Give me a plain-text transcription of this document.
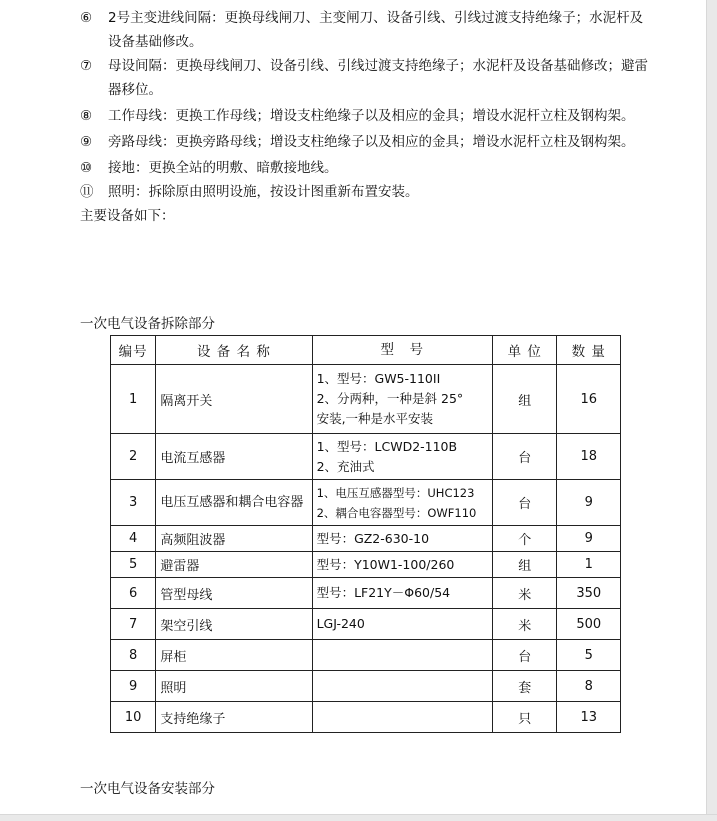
⑥	2号主变进线间隔：更换母线闸刀、主变闸刀、设备引线、引线过渡支持绝缘子；水泥杆及设备基础修改。
⑦	母设间隔：更换母线闸刀、设备引线、引线过渡支持绝缘子；水泥杆及设备基础修改；避雷器移位。
⑧	工作母线：更换工作母线；增设支柱绝缘子以及相应的金具；增设水泥杆立柱及钢构架。
⑨	旁路母线：更换旁路母线；增设支柱绝缘子以及相应的金具；增设水泥杆立柱及钢构架。
⑩	接地：更换全站的明敷、暗敷接地线。
⑪	照明：拆除原由照明设施，按设计图重新布置安装。
主要设备如下：
一次电气设备拆除部分
编号	设 备 名 称	型　号	单 位	数 量
1	隔离开关	1、型号：GW5-110II
2、分两种，一种是斜 25°
安装,一种是水平安装	组	16
2	电流互感器	1、型号：LCWD2-110B
2、充油式	台	18
3	电压互感器和耦合电容器	1、电压互感器型号：UHC123
2、耦合电容器型号：OWF110	台	9
4	高频阻波器	型号：GZ2-630-10	个	9
5	避雷器	型号：Y10W1-100/260	组	1
6	管型母线	型号：LF21Y－Φ60/54	米	350
7	架空引线	LGJ-240	米	500
8	屏柜		台	5
9	照明		套	8
10	支持绝缘子		只	13
一次电气设备安装部分
